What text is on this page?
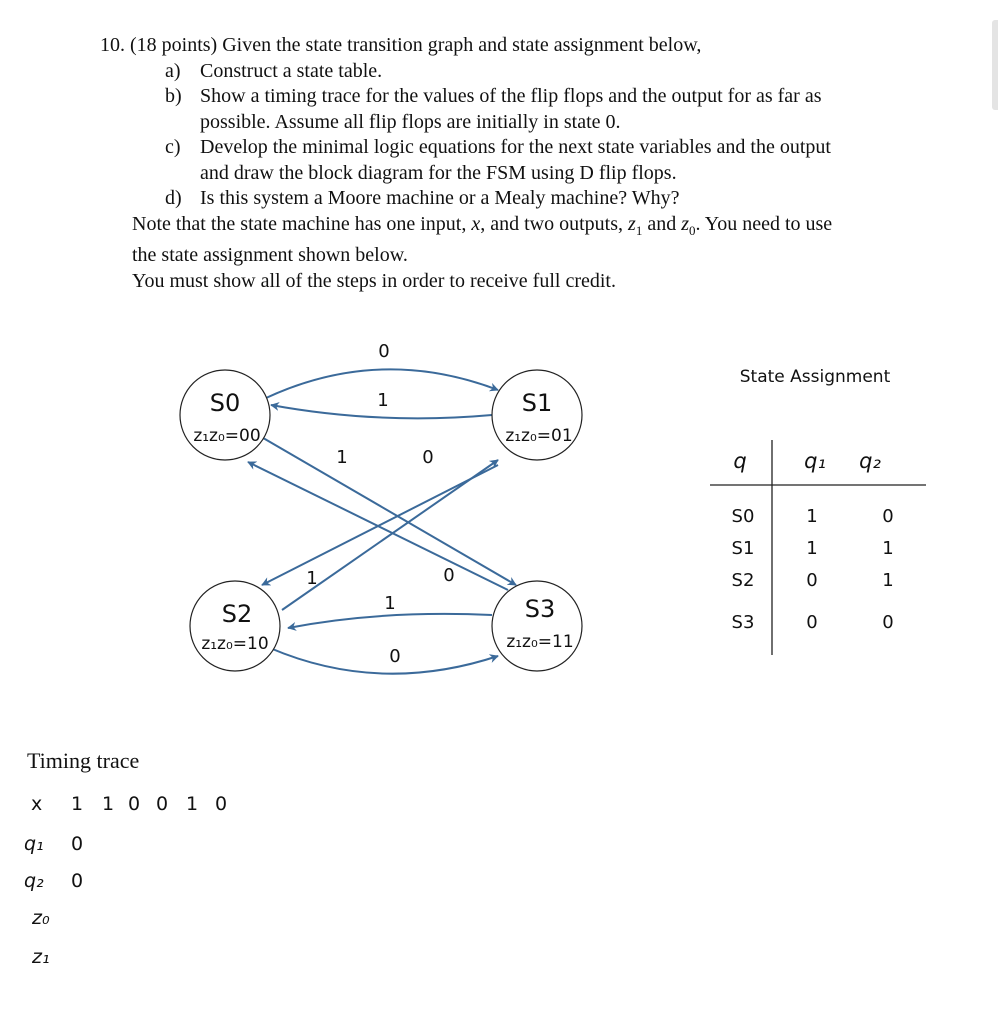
10. (18 points) Given the state transition graph and state assignment below,
a) Construct a state table.
b) Show a timing trace for the values of the flip flops and the output for as far as
possible. Assume all flip flops are initially in state 0.
c) Develop the minimal logic equations for the next state variables and the output
and draw the block diagram for the FSM using D flip flops.
d) Is this system a Moore machine or a Mealy machine? Why?
Note that the state machine has one input, x, and two outputs, $z_1$ and $z_0$. You need to use
the state assignment shown below.
You must show all of the steps in order to receive full credit.
0
1
1	0
1	0
1
0
S0
z₁z₀=00
S1
z₁z₀=01
S2
z₁z₀=10
S3
z₁z₀=11
State Assignment
q	q₁ q₂
S0	1	0
S1	1	1
S2	0	1
S3	0	0
Timing trace
x 1 1 0 0 1 0
q₁ 0
q₂ 0
z₀
z₁
